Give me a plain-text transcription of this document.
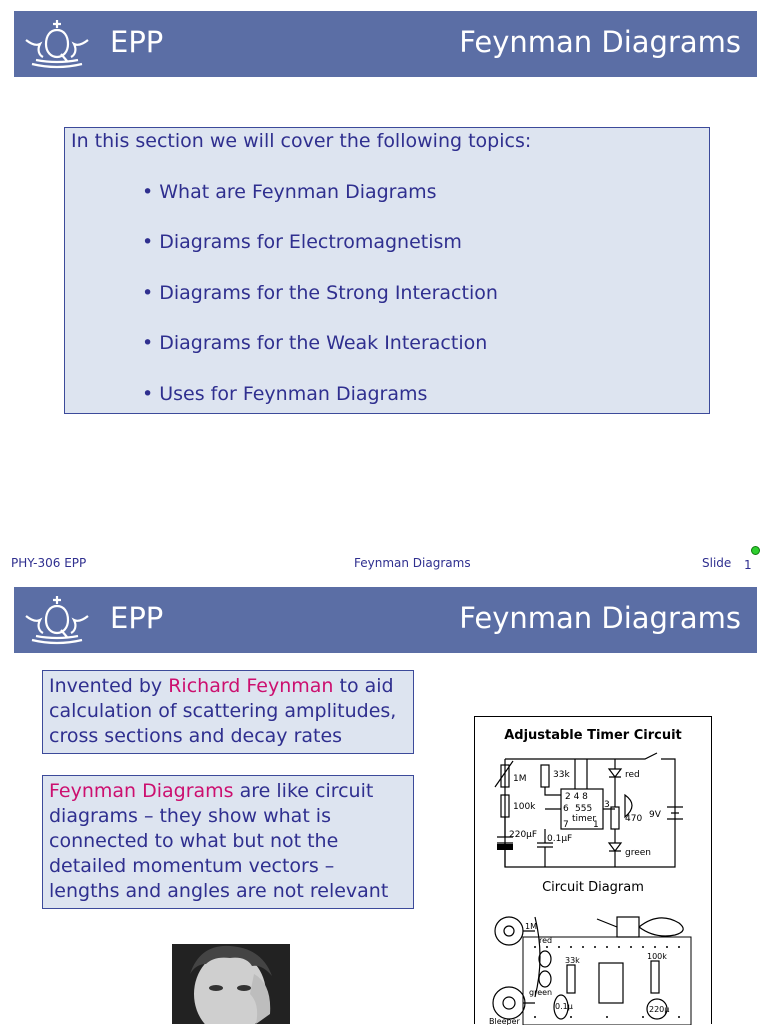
EPP	Feynman Diagrams
In this section we will cover the following topics:
• What are Feynman Diagrams
• Diagrams for Electromagnetism
• Diagrams for the Strong Interaction
• Diagrams for the Weak Interaction
• Uses for Feynman Diagrams
PHY-306 EPP	Feynman Diagrams	Slide 1
EPP	Feynman Diagrams
Invented by Richard Feynman to aid calculation of scattering amplitudes, cross sections and decay rates
Feynman Diagrams are like circuit diagrams – they show what is connected to what but not the detailed momentum vectors – lengths and angles are not relevant
Adjustable Timer Circuit
1M
100k
33k
220µF 0.1µF
2 4 8
555
timer
3
6
7	1
470 9V
red
green
Circuit Diagram
1M
red
green
33k	100k
220µ
0.1µ
Bleeper
